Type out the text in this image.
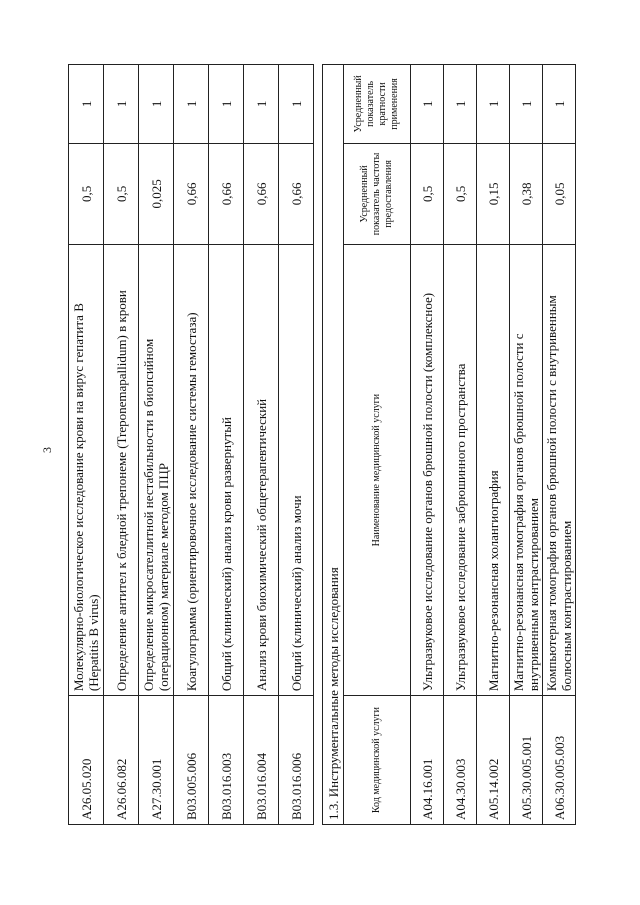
3
A26.05.020	Молекулярно-биологическое исследование крови на вирус гепатита В (Hepatitis В virus)	0,5	1
A26.06.082	Определение антител к бледной трепонеме (Treponemapallidum) в крови	0,5	1
A27.30.001	Определение микросателлитной нестабильности в биопсийном (операционном) материале методом ПЦР	0,025	1
B03.005.006	Коагулограмма (ориентировочное исследование системы гемостаза)	0,66	1
B03.016.003	Общий (клинический) анализ крови развернутый	0,66	1
B03.016.004	Анализ крови биохимический общетерапевтический	0,66	1
B03.016.006	Общий (клинический) анализ мочи	0,66	1
1.3. Инструментальные методы исследования			
Код медицинской услуги	Наименование медицинской услуги	Усредненный показатель частоты предоставления	Усредненный показатель кратности применения
A04.16.001	Ультразвуковое исследование органов брюшной полости (комплексное)	0,5	1
A04.30.003	Ультразвуковое исследование забрюшинного пространства	0,5	1
A05.14.002	Магнитно-резонансная холангиография	0,15	1
A05.30.005.001	Магнитно-резонансная томография органов брюшной полости с внутривенным контрастированием	0,38	1
A06.30.005.003	Компьютерная томография органов брюшной полости с внутривенным болюсным контрастированием	0,05	1
